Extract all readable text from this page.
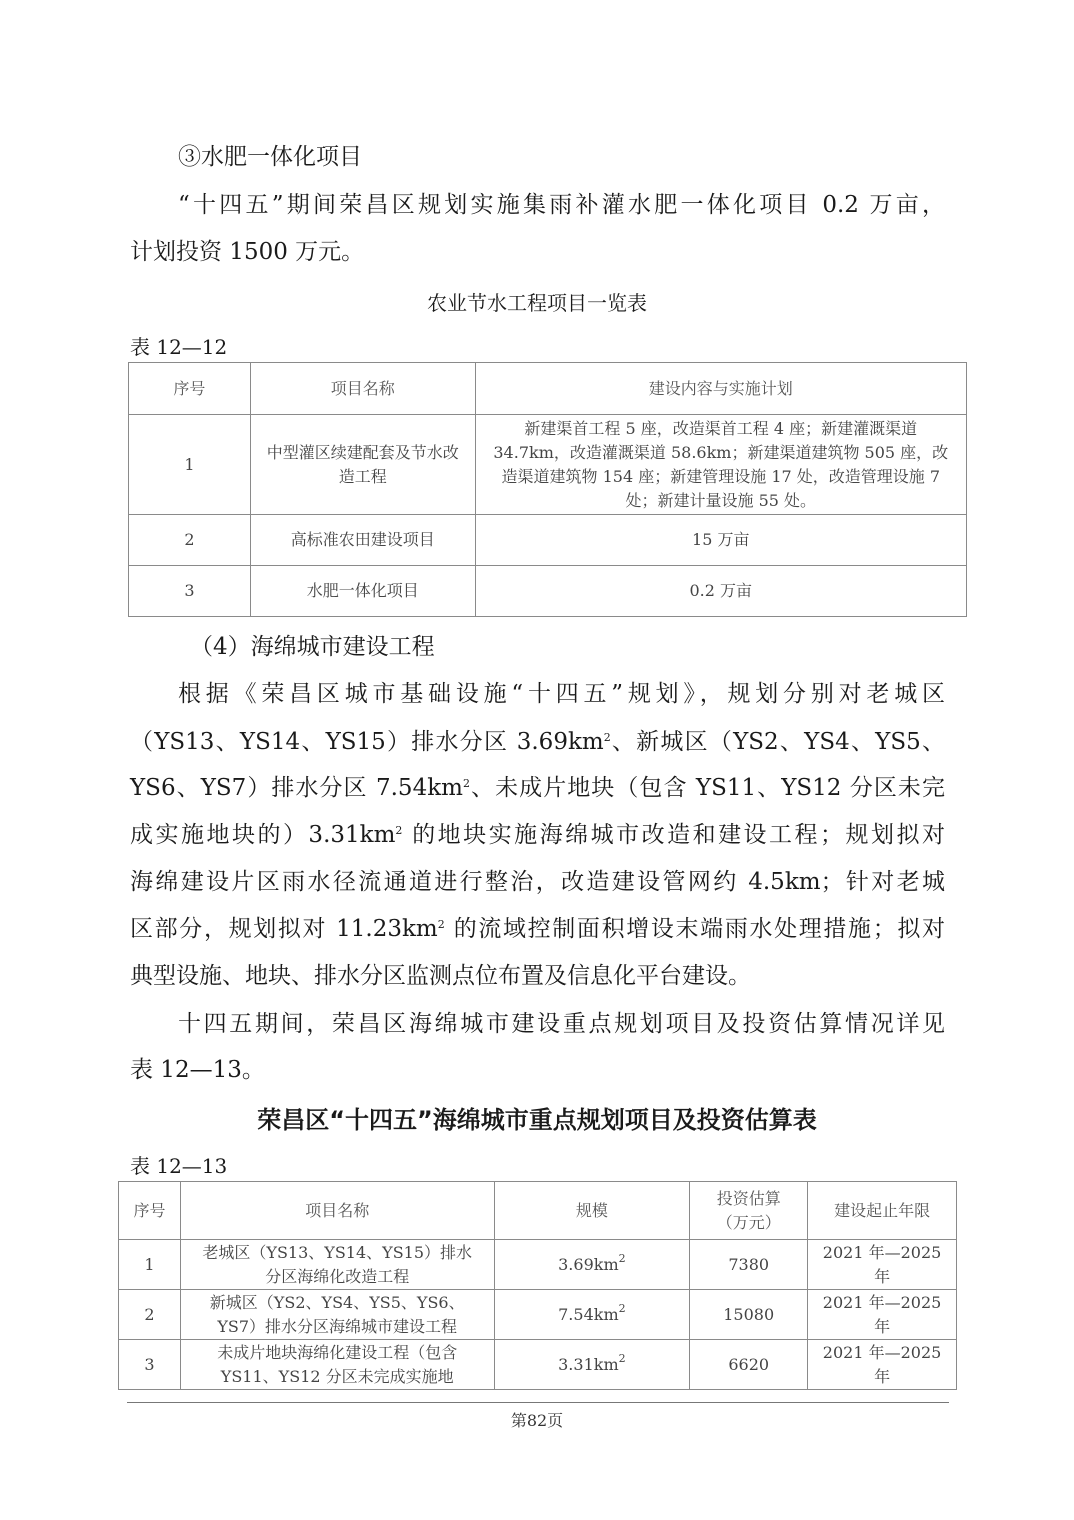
③水肥一体化项目
“十四五”期间荣昌区规划实施集雨补灌水肥一体化项目 0.2 万亩，
计划投资 1500 万元。
农业节水工程项目一览表
表 12—12
序号	项目名称	建设内容与实施计划
1	中型灌区续建配套及节水改造工程	新建渠首工程 5 座，改造渠首工程 4 座；新建灌溉渠道 34.7km，改造灌溉渠道 58.6km；新建渠道建筑物 505 座，改造渠道建筑物 154 座；新建管理设施 17 处，改造管理设施 7 处；新建计量设施 55 处。
2	高标准农田建设项目	15 万亩
3	水肥一体化项目	0.2 万亩
（4）海绵城市建设工程
根据《荣昌区城市基础设施“十四五”规划》，规划分别对老城区
（YS13、YS14、YS15）排水分区 $3.69km^2$、新城区（YS2、YS4、YS5、
YS6、YS7）排水分区 $7.54km^2$、未成片地块（包含 YS11、YS12 分区未完
成实施地块的）$3.31km^2$ 的地块实施海绵城市改造和建设工程；规划拟对
海绵建设片区雨水径流通道进行整治，改造建设管网约 4.5km；针对老城
区部分，规划拟对 $11.23km^2$ 的流域控制面积增设末端雨水处理措施；拟对
典型设施、地块、排水分区监测点位布置及信息化平台建设。
十四五期间，荣昌区海绵城市建设重点规划项目及投资估算情况详见
表 12—13。
荣昌区“十四五”海绵城市重点规划项目及投资估算表
表 12—13
序号	项目名称	规模	投资估算（万元）	建设起止年限
1	老城区（YS13、YS14、YS15）排水分区海绵化改造工程	$3.69km^2$	7380	2021 年—2025 年
2	新城区（YS2、YS4、YS5、YS6、YS7）排水分区海绵城市建设工程	$7.54km^2$	15080	2021 年—2025 年
3	未成片地块海绵化建设工程（包含 YS11、YS12 分区未完成实施地	$3.31km^2$	6620	2021 年—2025 年
第82页
